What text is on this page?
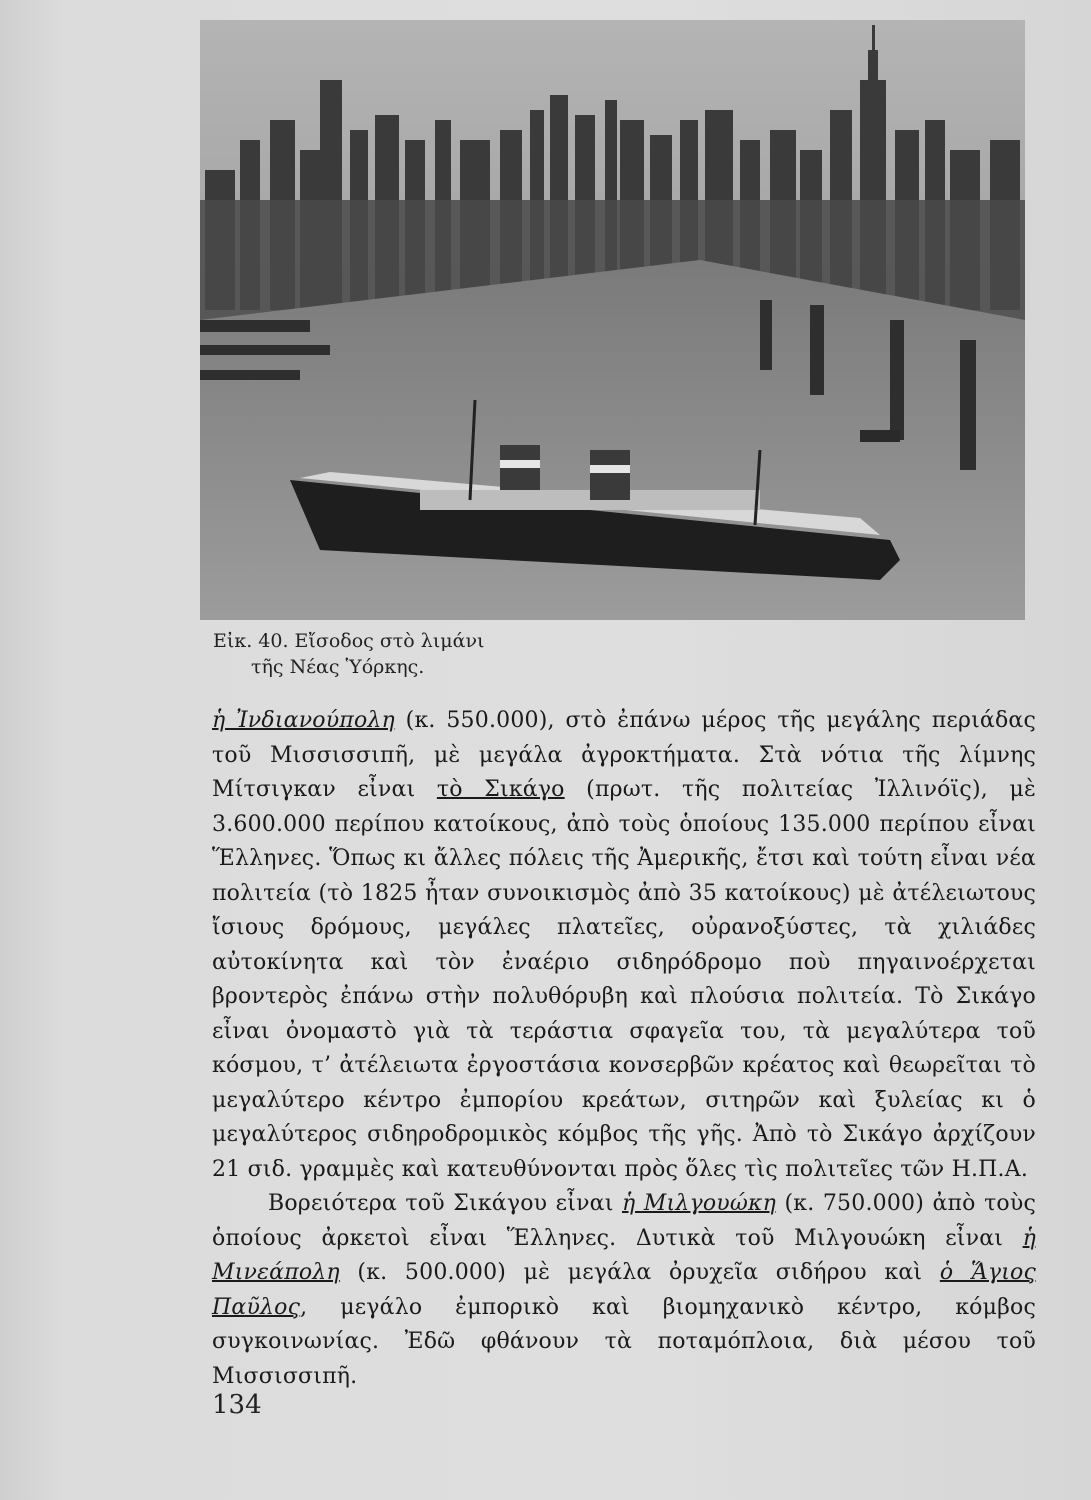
Εἰκ. 40. Εἴσοδος στὸ λιμάνι
τῆς Νέας Ὑόρκης.

ἡ Ἰνδιανούπολη (κ. 550.000), στὸ ἐπάνω μέρος τῆς μεγάλης περιάδας τοῦ Μισσισσιπῆ, μὲ μεγάλα ἀγροκτήματα. Στὰ νότια τῆς λίμνης Μίτσιγκαν εἶναι τὸ Σικάγο (πρωτ. τῆς πολιτείας Ἰλλινόϊς), μὲ 3.600.000 περίπου κατοίκους, ἀπὸ τοὺς ὁποίους 135.000 περίπου εἶναι Ἕλληνες. Ὅπως κι ἄλλες πόλεις τῆς Ἀμερικῆς, ἔτσι καὶ τούτη εἶναι νέα πολιτεία (τὸ 1825 ἦταν συνοικισμὸς ἀπὸ 35 κατοίκους) μὲ ἀτέλειωτους ἴσιους δρόμους, μεγάλες πλατεῖες, οὐρανοξύστες, τὰ χιλιάδες αὐτοκίνητα καὶ τὸν ἐναέριο σιδηρόδρομο ποὺ πηγαινοέρχεται βροντερὸς ἐπάνω στὴν πολυθόρυβη καὶ πλούσια πολιτεία. Τὸ Σικάγο εἶναι ὀνομαστὸ γιὰ τὰ τεράστια σφαγεῖα του, τὰ μεγαλύτερα τοῦ κόσμου, τ’ ἀτέλειωτα ἐργοστάσια κονσερβῶν κρέατος καὶ θεωρεῖται τὸ μεγαλύτερο κέντρο ἐμπορίου κρεάτων, σιτηρῶν καὶ ξυλείας κι ὁ μεγαλύτερος σιδηροδρομικὸς κόμβος τῆς γῆς. Ἀπὸ τὸ Σικάγο ἀρχίζουν 21 σιδ. γραμμὲς καὶ κατευθύνονται πρὸς ὅλες τὶς πολιτεῖες τῶν Η.Π.Α.

Βορειότερα τοῦ Σικάγου εἶναι ἡ Μιλγουώκη (κ. 750.000) ἀπὸ τοὺς ὁποίους ἀρκετοὶ εἶναι Ἕλληνες. Δυτικὰ τοῦ Μιλγουώκη εἶναι ἡ Μινεάπολη (κ. 500.000) μὲ μεγάλα ὀρυχεῖα σιδήρου καὶ ὁ Ἅγιος Παῦλος, μεγάλο ἐμπορικὸ καὶ βιομηχανικὸ κέντρο, κόμβος συγκοινωνίας. Ἐδῶ φθάνουν τὰ ποταμόπλοια, διὰ μέσου τοῦ Μισσισσιπῆ.

134
